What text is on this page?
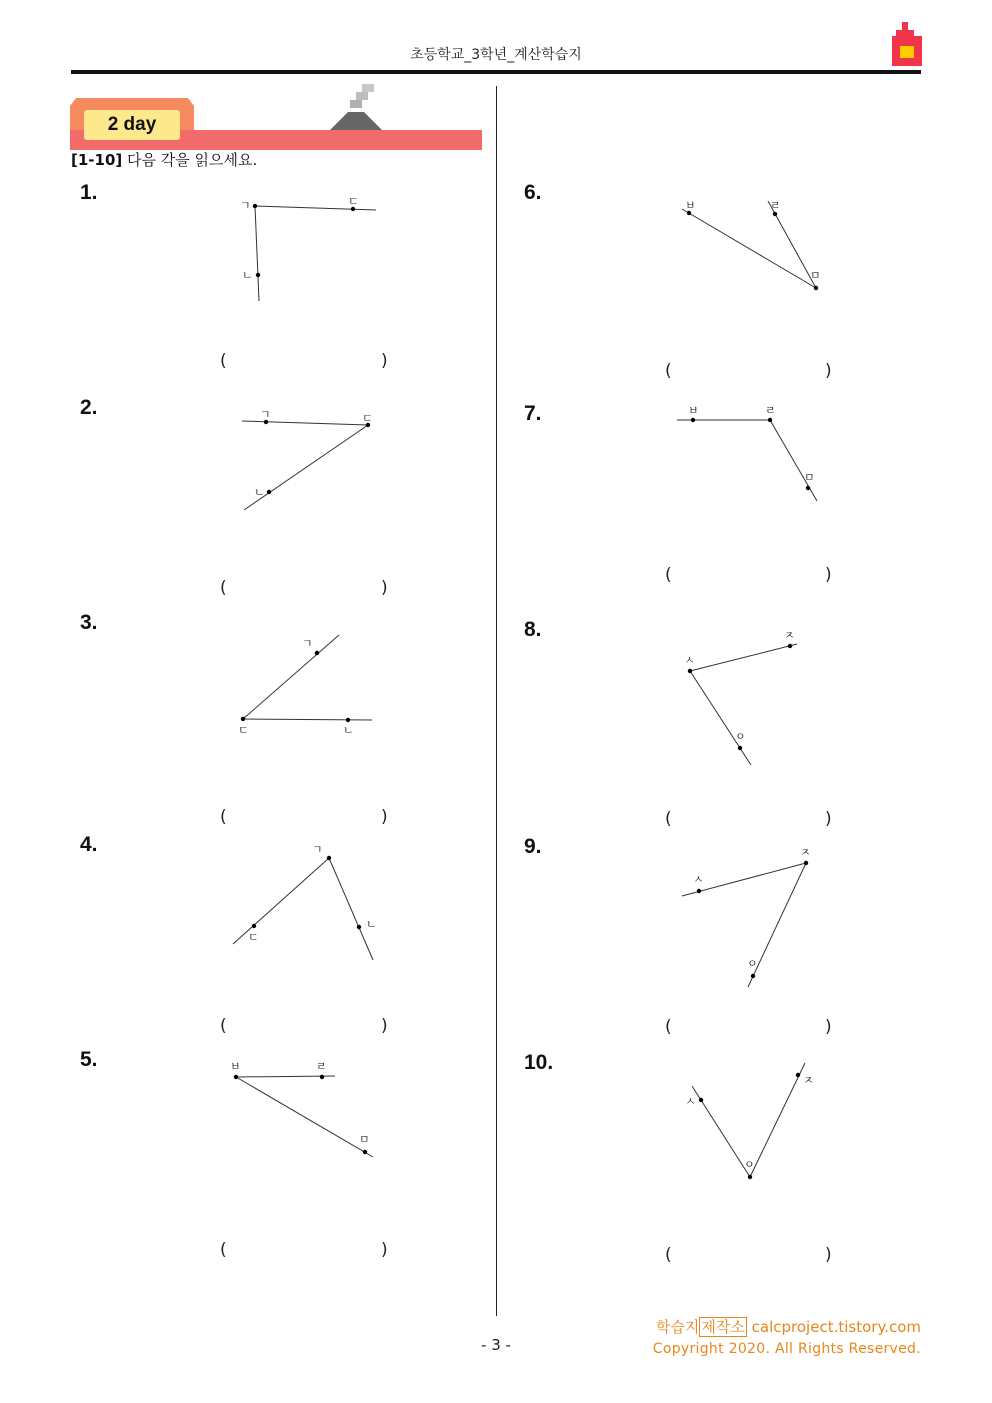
초등학교_3학년_계산학습지
2 day
[1-10] 다음 각을 읽으세요.
1.
ㄱ
ㄴ
ㄷ
(	)
2.	ㄱ
ㄴ
ㄷ
(	)
3.
ㄱ
ㄴ
ㄷ
(	)
4.	ㄱ
ㄴ
ㄷ
(	)
5.	ㅂ	ㄹ
ㅁ
(	)
6.
ㅂ	ㄹ
ㅁ
(	)
7.	ㅂ	ㄹ
ㅁ
(	)
8.
ㅅ
ㅈ
ㅇ
(	)
9.
ㅅ
ㅈ
ㅇ
(	)
10.
ㅅ
ㅈ
ㅇ
(	)
학습지 제작소 calcproject.tistory.com
Copyright 2020. All Rights Reserved.
- 3 -
